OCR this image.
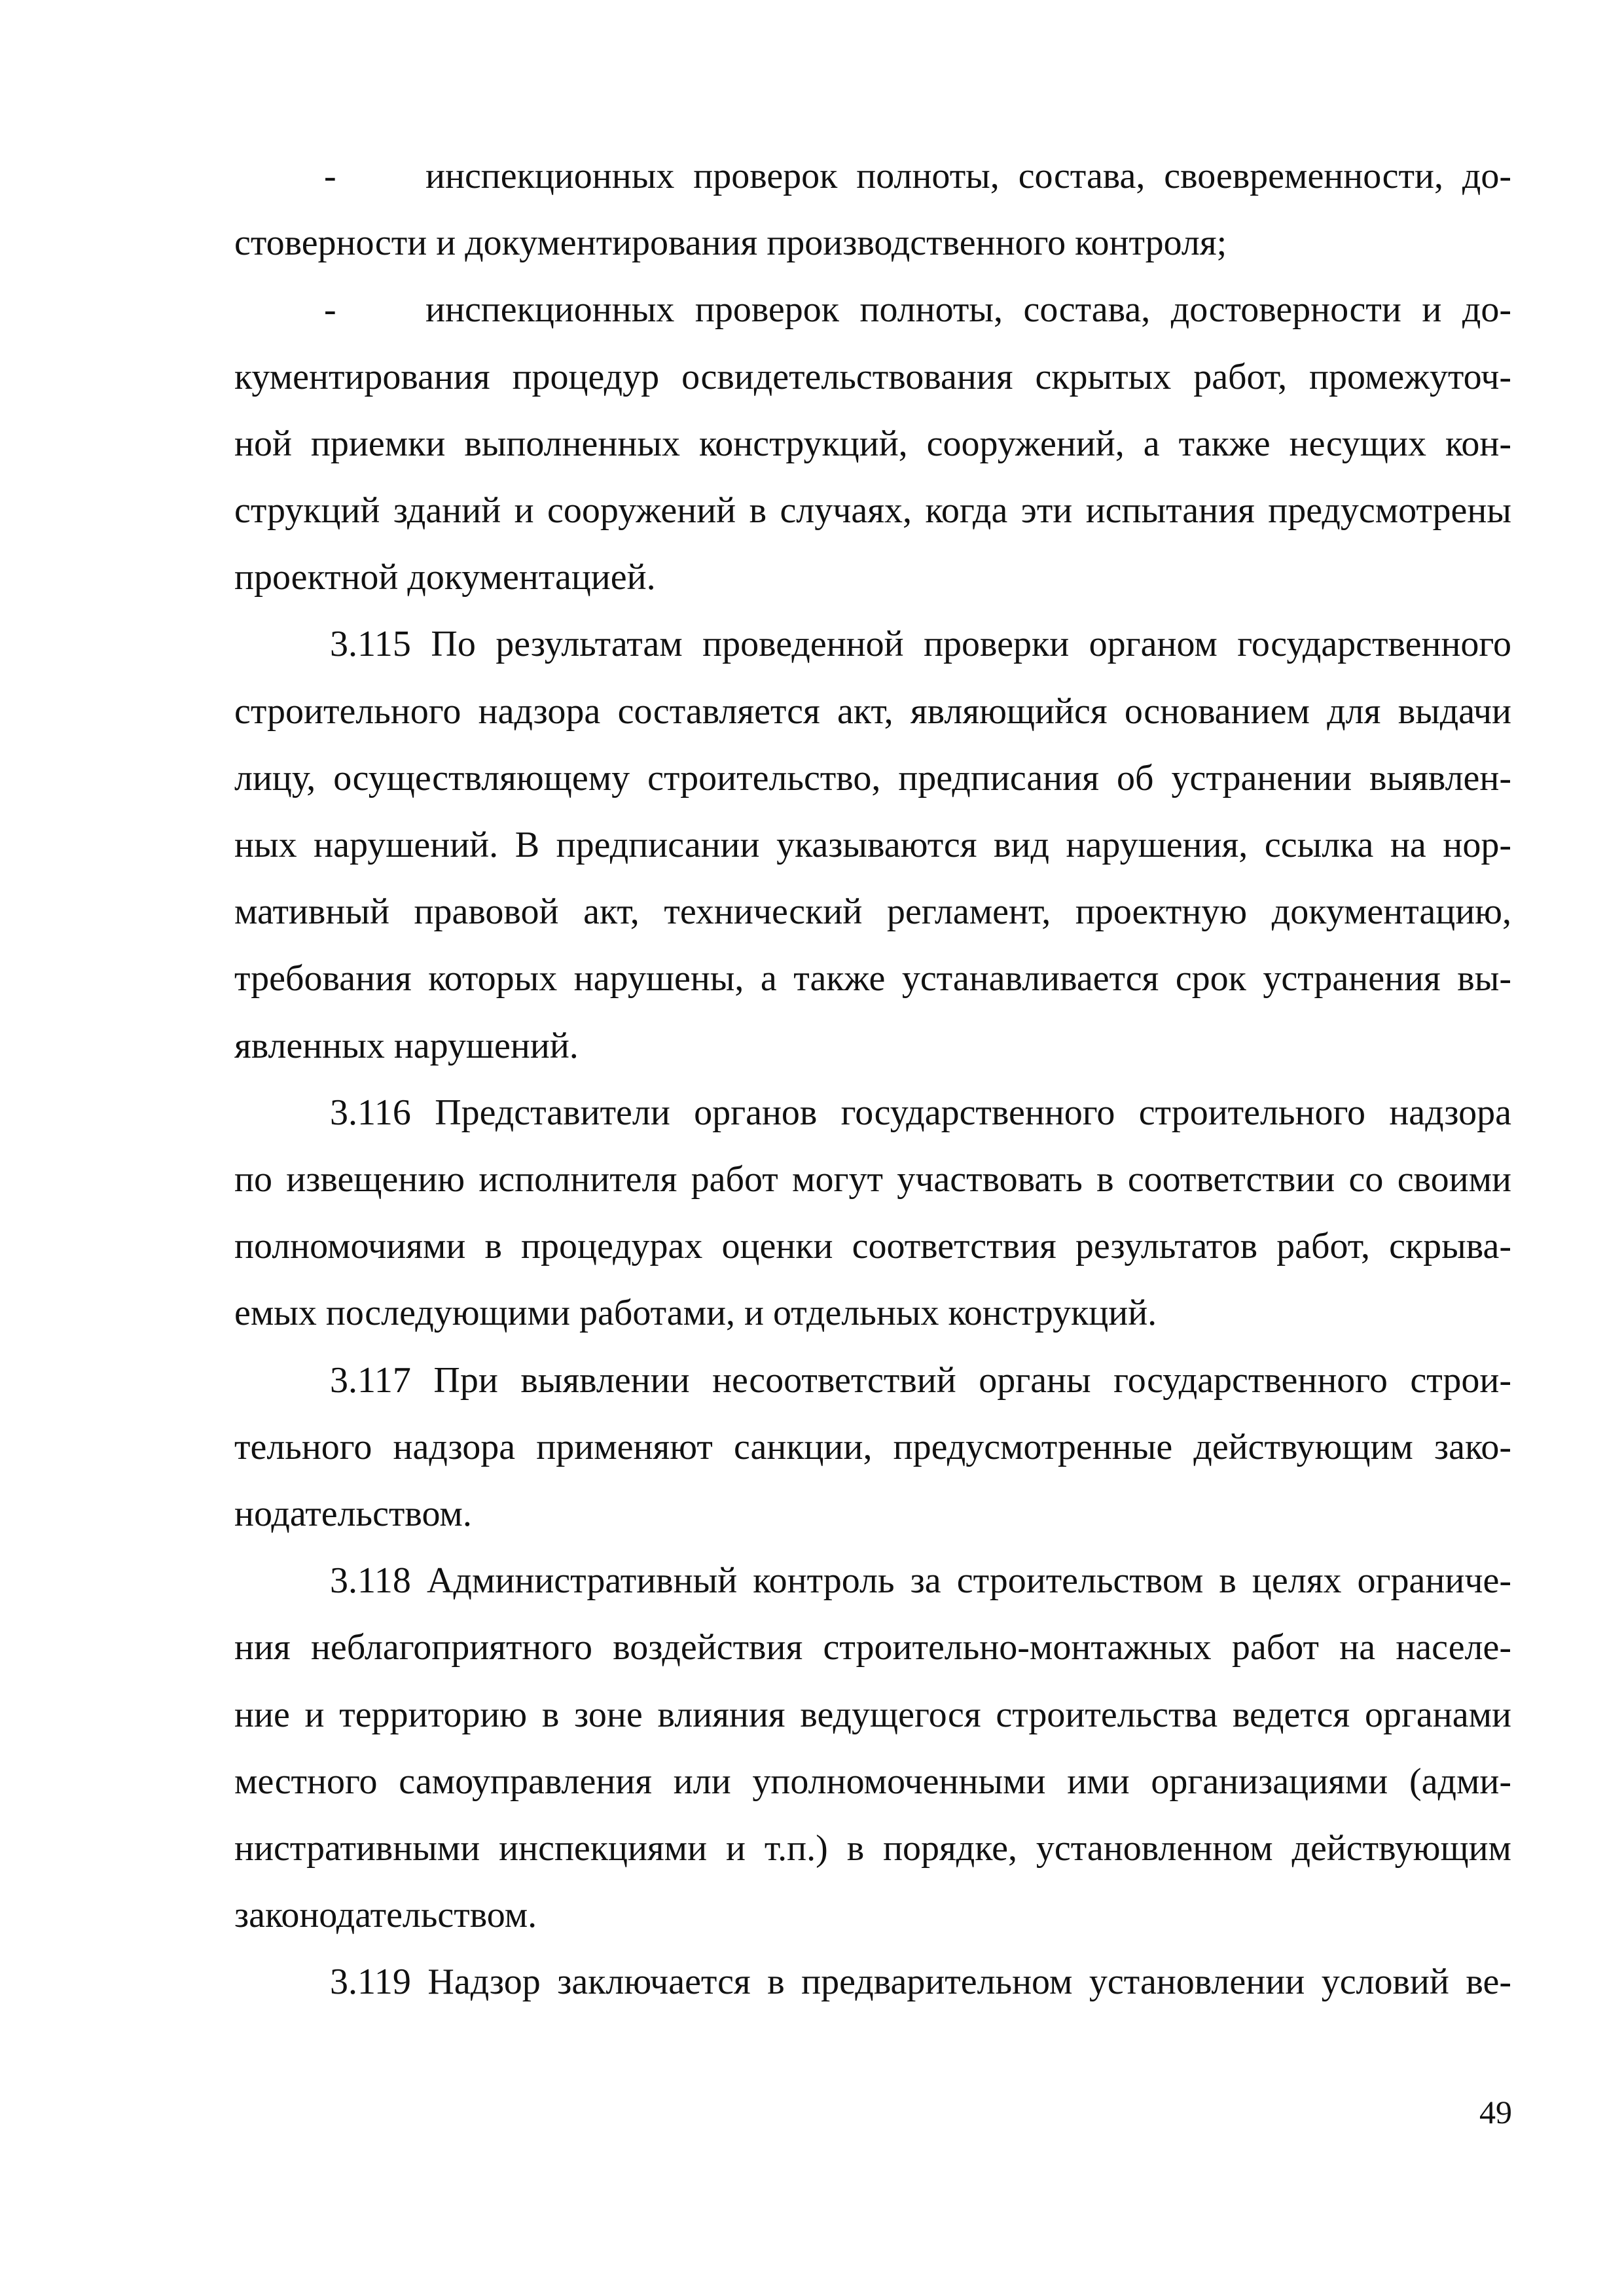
- инспекционных проверок полноты, состава, своевременности, до-
стоверности и документирования производственного контроля;
- инспекционных проверок полноты, состава, достоверности и до-
кументирования процедур освидетельствования скрытых работ, промежуточ-
ной приемки выполненных конструкций, сооружений, а также несущих кон-
струкций зданий и сооружений в случаях, когда эти испытания предусмотрены
проектной документацией.
3.115 По результатам проведенной проверки органом государственного
строительного надзора составляется акт, являющийся основанием для выдачи
лицу, осуществляющему строительство, предписания об устранении выявлен-
ных нарушений. В предписании указываются вид нарушения, ссылка на нор-
мативный правовой акт, технический регламент, проектную документацию,
требования которых нарушены, а также устанавливается срок устранения вы-
явленных нарушений.
3.116 Представители органов государственного строительного надзора
по извещению исполнителя работ могут участвовать в соответствии со своими
полномочиями в процедурах оценки соответствия результатов работ, скрыва-
емых последующими работами, и отдельных конструкций.
3.117 При выявлении несоответствий органы государственного строи-
тельного надзора применяют санкции, предусмотренные действующим зако-
нодательством.
3.118 Административный контроль за строительством в целях ограниче-
ния неблагоприятного воздействия строительно-монтажных работ на населе-
ние и территорию в зоне влияния ведущегося строительства ведется органами
местного самоуправления или уполномоченными ими организациями (адми-
нистративными инспекциями и т.п.) в порядке, установленном действующим
законодательством.
3.119 Надзор заключается в предварительном установлении условий ве-
49
